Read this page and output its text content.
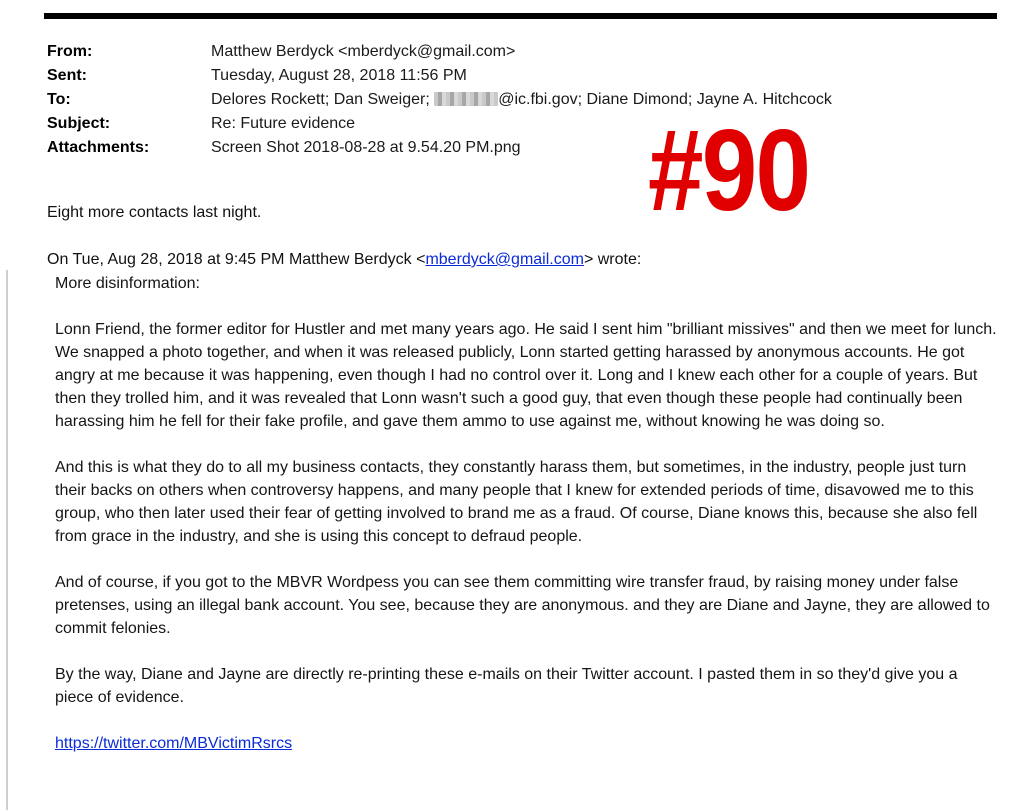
From:	Matthew Berdyck <mberdyck@gmail.com>
Sent:	Tuesday, August 28, 2018 11:56 PM
To:	Delores Rockett; Dan Sweiger;	@ic.fbi.gov; Diane Dimond; Jayne A. Hitchcock
Subject:	Re: Future evidence
Attachments:	Screen Shot 2018-08-28 at 9.54.20 PM.png #90
Eight more contacts last night.
On Tue, Aug 28, 2018 at 9:45 PM Matthew Berdyck <mberdyck@gmail.com> wrote:

More disinformation:

Lonn Friend, the former editor for Hustler and met many years ago. He said I sent him "brilliant missives" and then we meet for lunch. We snapped a photo together, and when it was released publicly, Lonn started getting harassed by anonymous accounts. He got angry at me because it was happening, even though I had no control over it. Long and I knew each other for a couple of years. But then they trolled him, and it was revealed that Lonn wasn't such a good guy, that even though these people had continually been harassing him he fell for their fake profile, and gave them ammo to use against me, without knowing he was doing so.

And this is what they do to all my business contacts, they constantly harass them, but sometimes, in the industry, people just turn their backs on others when controversy happens, and many people that I knew for extended periods of time, disavowed me to this group, who then later used their fear of getting involved to brand me as a fraud. Of course, Diane knows this, because she also fell from grace in the industry, and she is using this concept to defraud people.

And of course, if you got to the MBVR Wordpess you can see them committing wire transfer fraud, by raising money under false pretenses, using an illegal bank account. You see, because they are anonymous. and they are Diane and Jayne, they are allowed to commit felonies.

By the way, Diane and Jayne are directly re-printing these e-mails on their Twitter account. I pasted them in so they'd give you a piece of evidence.

https://twitter.com/MBVictimRsrcs
